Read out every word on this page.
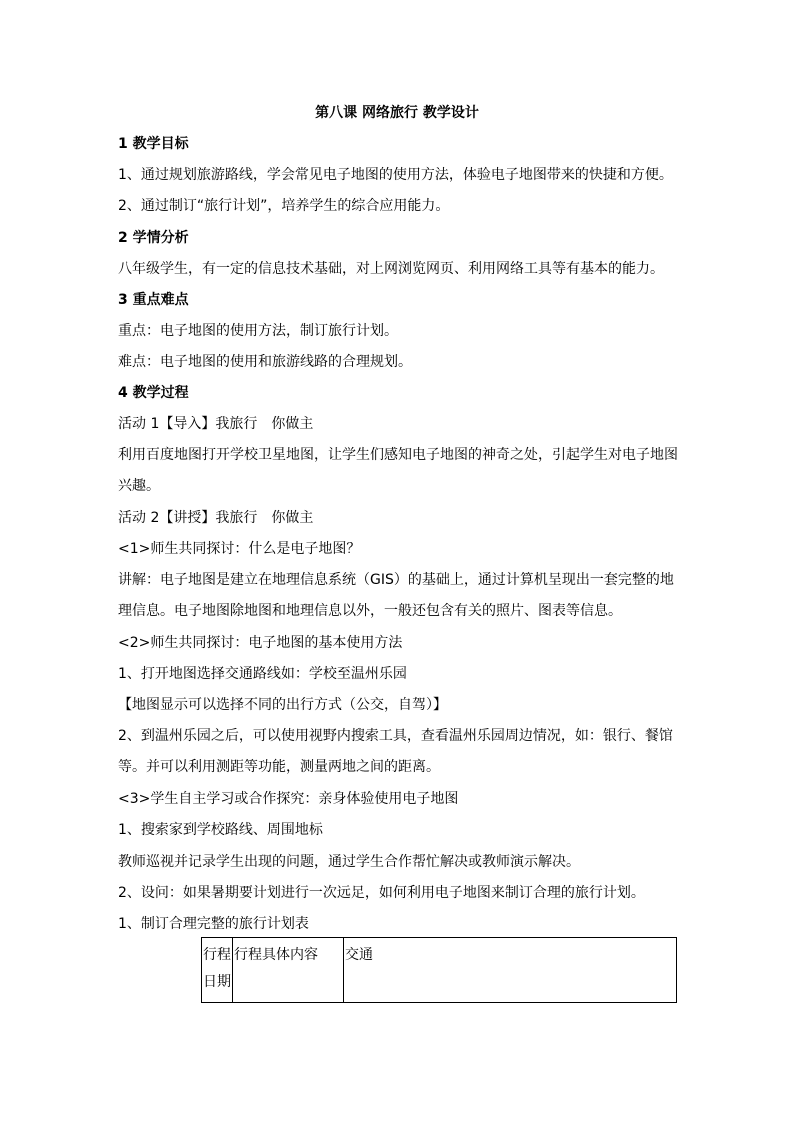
第八课 网络旅行 教学设计
1 教学目标
1、通过规划旅游路线，学会常见电子地图的使用方法，体验电子地图带来的快捷和方便。
2、通过制订“旅行计划”，培养学生的综合应用能力。
2 学情分析
八年级学生，有一定的信息技术基础，对上网浏览网页、利用网络工具等有基本的能力。
3 重点难点
重点：电子地图的使用方法，制订旅行计划。
难点：电子地图的使用和旅游线路的合理规划。
4 教学过程
活动 1【导入】我旅行　你做主
利用百度地图打开学校卫星地图，让学生们感知电子地图的神奇之处，引起学生对电子地图兴趣。
活动 2【讲授】我旅行　你做主
<1>师生共同探讨：什么是电子地图？
讲解：电子地图是建立在地理信息系统（GIS）的基础上，通过计算机呈现出一套完整的地理信息。电子地图除地图和地理信息以外，一般还包含有关的照片、图表等信息。
<2>师生共同探讨：电子地图的基本使用方法
1、打开地图选择交通路线如：学校至温州乐园
【地图显示可以选择不同的出行方式（公交，自驾）】
2、到温州乐园之后，可以使用视野内搜索工具，查看温州乐园周边情况，如：银行、餐馆等。并可以利用测距等功能，测量两地之间的距离。
<3>学生自主学习或合作探究：亲身体验使用电子地图
1、搜索家到学校路线、周围地标
教师巡视并记录学生出现的问题，通过学生合作帮忙解决或教师演示解决。
2、设问：如果暑期要计划进行一次远足，如何利用电子地图来制订合理的旅行计划。
1、制订合理完整的旅行计划表
行程日期	行程具体内容	交通
